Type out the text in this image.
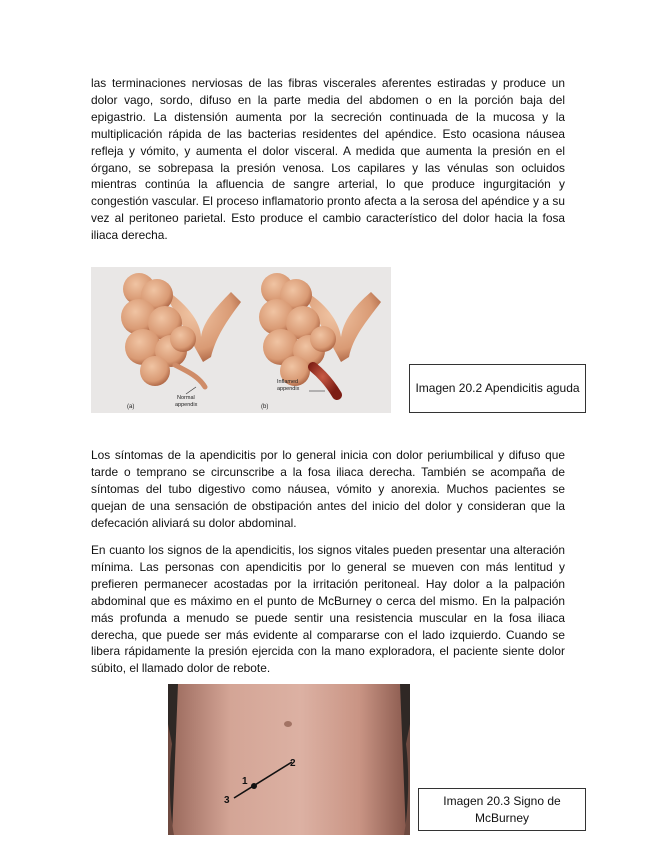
las terminaciones nerviosas de las fibras viscerales aferentes estiradas y produce un dolor vago, sordo, difuso en la parte media del abdomen o en la porción baja del epigastrio. La distensión aumenta por la secreción continuada de la mucosa y la multiplicación rápida de las bacterias residentes del apéndice. Esto ocasiona náusea refleja y vómito, y aumenta el dolor visceral. A medida que aumenta la presión en el órgano, se sobrepasa la presión venosa. Los capilares y las vénulas son ocluidos mientras continúa la afluencia de sangre arterial, lo que produce ingurgitación y congestión vascular. El proceso inflamatorio pronto afecta a la serosa del apéndice y a su vez al peritoneo parietal. Esto produce el cambio característico del dolor hacia la fosa iliaca derecha.

(a)
Normal
appendix	(b)
Inflamed
appendix	Imagen 20.2 Apendicitis aguda

Los síntomas de la apendicitis por lo general inicia con dolor periumbilical y difuso que tarde o temprano se circunscribe a la fosa iliaca derecha. También se acompaña de síntomas del tubo digestivo como náusea, vómito y anorexia. Muchos pacientes se quejan de una sensación de obstipación antes del inicio del dolor y consideran que la defecación aliviará su dolor abdominal.

En cuanto los signos de la apendicitis, los signos vitales pueden presentar una alteración mínima. Las personas con apendicitis por lo general se mueven con más lentitud y prefieren permanecer acostadas por la irritación peritoneal. Hay dolor a la palpación abdominal que es máximo en el punto de McBurney o cerca del mismo. En la palpación más profunda a menudo se puede sentir una resistencia muscular en la fosa iliaca derecha, que puede ser más evidente al compararse con el lado izquierdo. Cuando se libera rápidamente la presión ejercida con la mano exploradora, el paciente siente dolor súbito, el llamado dolor de rebote.

1
2
3	Imagen 20.3 Signo de McBurney
